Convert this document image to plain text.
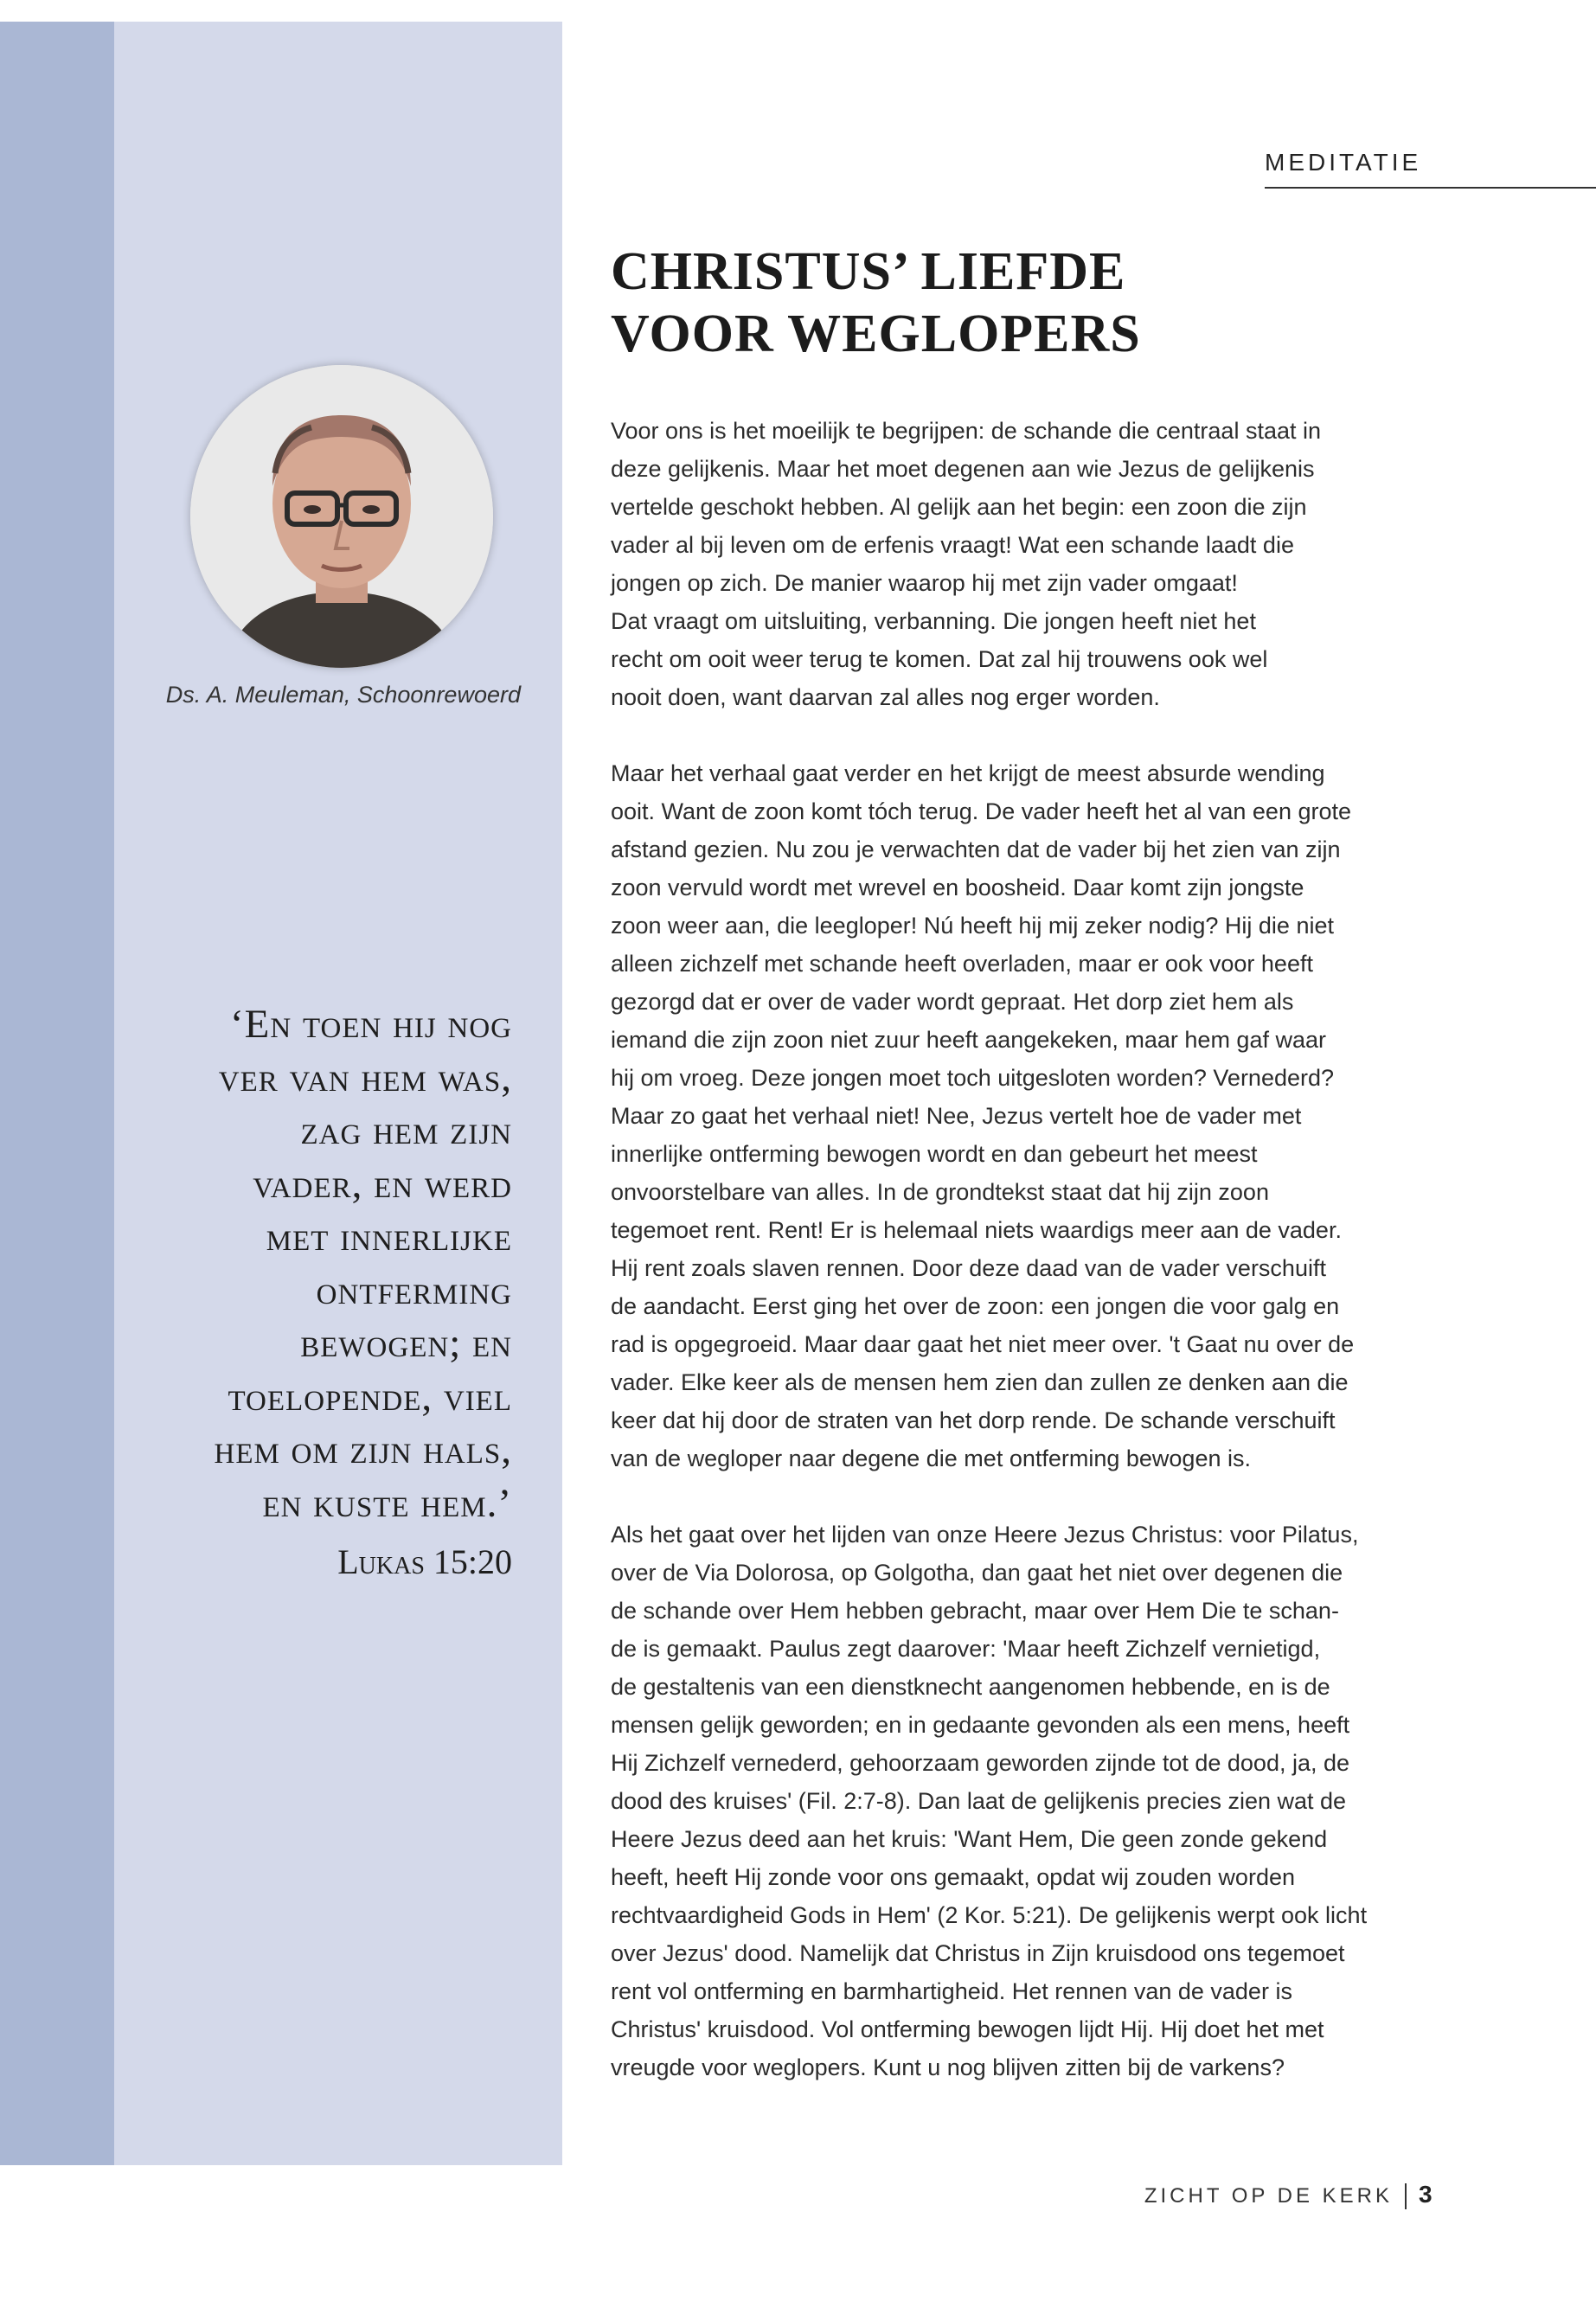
MEDITATIE
CHRISTUS’ LIEFDE
VOOR WEGLOPERS
Ds. A. Meuleman, Schoonrewoerd
‘En toen hij nog
ver van hem was,
zag hem zijn
vader, en werd
met innerlijke
ontferming
bewogen; en
toelopende, viel
hem om zijn hals,
en kuste hem.’
Lukas 15:20
Voor ons is het moeilijk te begrijpen: de schande die centraal staat in
deze gelijkenis. Maar het moet degenen aan wie Jezus de gelijkenis
vertelde geschokt hebben. Al gelijk aan het begin: een zoon die zijn
vader al bij leven om de erfenis vraagt! Wat een schande laadt die
jongen op zich. De manier waarop hij met zijn vader omgaat!
Dat vraagt om uitsluiting, verbanning. Die jongen heeft niet het
recht om ooit weer terug te komen. Dat zal hij trouwens ook wel
nooit doen, want daarvan zal alles nog erger worden.
Maar het verhaal gaat verder en het krijgt de meest absurde wending
ooit. Want de zoon komt tóch terug. De vader heeft het al van een grote
afstand gezien. Nu zou je verwachten dat de vader bij het zien van zijn
zoon vervuld wordt met wrevel en boosheid. Daar komt zijn jongste
zoon weer aan, die leegloper! Nú heeft hij mij zeker nodig? Hij die niet
alleen zichzelf met schande heeft overladen, maar er ook voor heeft
gezorgd dat er over de vader wordt gepraat. Het dorp ziet hem als
iemand die zijn zoon niet zuur heeft aangekeken, maar hem gaf waar
hij om vroeg. Deze jongen moet toch uitgesloten worden? Vernederd?
Maar zo gaat het verhaal niet! Nee, Jezus vertelt hoe de vader met
innerlijke ontferming bewogen wordt en dan gebeurt het meest
onvoorstelbare van alles. In de grondtekst staat dat hij zijn zoon
tegemoet rent. Rent! Er is helemaal niets waardigs meer aan de vader.
Hij rent zoals slaven rennen. Door deze daad van de vader verschuift
de aandacht. Eerst ging het over de zoon: een jongen die voor galg en
rad is opgegroeid. Maar daar gaat het niet meer over. 't Gaat nu over de
vader. Elke keer als de mensen hem zien dan zullen ze denken aan die
keer dat hij door de straten van het dorp rende. De schande verschuift
van de wegloper naar degene die met ontferming bewogen is.
Als het gaat over het lijden van onze Heere Jezus Christus: voor Pilatus,
over de Via Dolorosa, op Golgotha, dan gaat het niet over degenen die
de schande over Hem hebben gebracht, maar over Hem Die te schan-
de is gemaakt. Paulus zegt daarover: 'Maar heeft Zichzelf vernietigd,
de gestaltenis van een dienstknecht aangenomen hebbende, en is de
mensen gelijk geworden; en in gedaante gevonden als een mens, heeft
Hij Zichzelf vernederd, gehoorzaam geworden zijnde tot de dood, ja, de
dood des kruises' (Fil. 2:7-8). Dan laat de gelijkenis precies zien wat de
Heere Jezus deed aan het kruis: 'Want Hem, Die geen zonde gekend
heeft, heeft Hij zonde voor ons gemaakt, opdat wij zouden worden
rechtvaardigheid Gods in Hem' (2 Kor. 5:21). De gelijkenis werpt ook licht
over Jezus' dood. Namelijk dat Christus in Zijn kruisdood ons tegemoet
rent vol ontferming en barmhartigheid. Het rennen van de vader is
Christus' kruisdood. Vol ontferming bewogen lijdt Hij. Hij doet het met
vreugde voor weglopers. Kunt u nog blijven zitten bij de varkens?
ZICHT OP DE KERK 3
